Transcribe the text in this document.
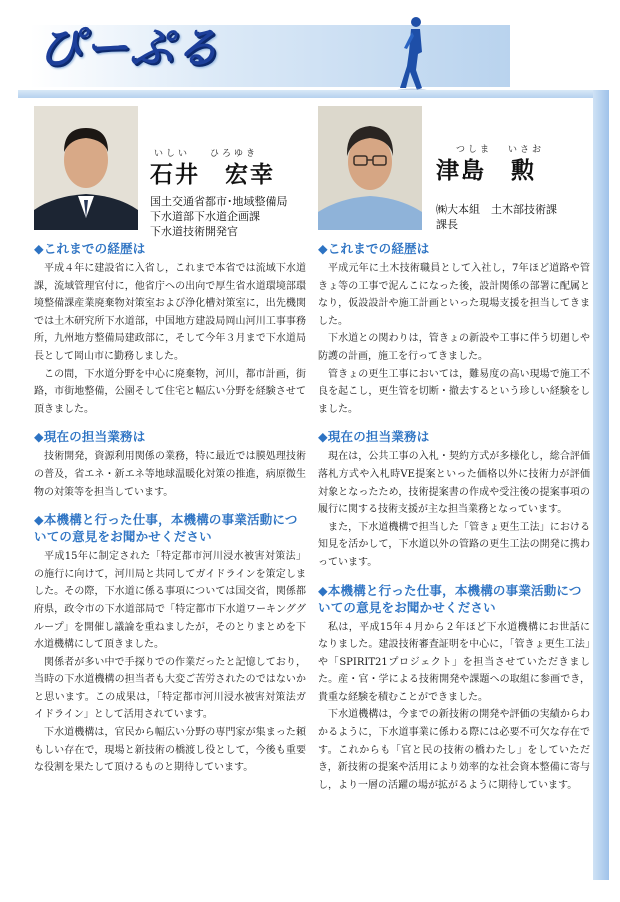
ぴーぷる
いしい ひろゆき
石井　宏幸
国土交通省都市･地域整備局
下水道部下水道企画課
下水道技術開発官
◆これまでの経歴は

平成４年に建設省に入省し，これまで本省では流域下水道課，流域管理官付に，他省庁への出向で厚生省水道環境部環境整備課産業廃棄物対策室および浄化槽対策室に，出先機関では土木研究所下水道部，中国地方建設局岡山河川工事事務所，九州地方整備局建政部に，そして今年３月まで下水道局長として岡山市に勤務しました。

この間，下水道分野を中心に廃棄物，河川，都市計画，街路，市街地整備，公園そして住宅と幅広い分野を経験させて頂きました。

◆現在の担当業務は

技術開発，資源利用関係の業務，特に最近では膜処理技術の普及，省エネ・新エネ等地球温暖化対策の推進，病原微生物の対策等を担当しています。

◆本機構と行った仕事，本機構の事業活動についての意見をお聞かせください

平成15年に制定された「特定都市河川浸水被害対策法」の施行に向けて，河川局と共同してガイドラインを策定しました。その際，下水道に係る事項については国交省，関係都府県，政令市の下水道部局で「特定都市下水道ワーキンググループ」を開催し議論を重ねましたが，そのとりまとめを下水道機構にして頂きました。

関係者が多い中で手探りでの作業だったと記憶しており，当時の下水道機構の担当者も大変ご苦労されたのではないかと思います。この成果は，「特定都市河川浸水被害対策法ガイドライン」として活用されています。

下水道機構は，官民から幅広い分野の専門家が集まった頼もしい存在で，現場と新技術の橋渡し役として，今後も重要な役割を果たして頂けるものと期待しています。

つしま いさお
津島　勲
㈱大本組　土木部技術課
課長
◆これまでの経歴は

平成元年に土木技術職員として入社し，7年ほど道路や管きょ等の工事で泥んこになった後，設計関係の部署に配属となり，仮設設計や施工計画といった現場支援を担当してきました。

下水道との関わりは，管きょの新設や工事に伴う切廻しや防護の計画，施工を行ってきました。

管きょの更生工事においては，難易度の高い現場で施工不良を起こし，更生管を切断・撤去するという珍しい経験をしました。

◆現在の担当業務は

現在は，公共工事の入札・契約方式が多様化し，総合評価落札方式や入札時VE提案といった価格以外に技術力が評価対象となったため，技術提案書の作成や受注後の提案事項の履行に関する技術支援が主な担当業務となっています。

また，下水道機構で担当した「管きょ更生工法」における知見を活かして，下水道以外の管路の更生工法の開発に携わっています。

◆本機構と行った仕事，本機構の事業活動についての意見をお聞かせください

私は，平成15年４月から２年ほど下水道機構にお世話になりました。建設技術審査証明を中心に，「管きょ更生工法」や「SPIRIT21プロジェクト」を担当させていただきました。産・官・学による技術開発や課題への取組に参画でき，貴重な経験を積むことができました。

下水道機構は，今までの新技術の開発や評価の実績からわかるように，下水道事業に係わる際には必要不可欠な存在です。これからも「官と民の技術の橋わたし」をしていただき，新技術の提案や活用により効率的な社会資本整備に寄与し，より一層の活躍の場が拡がるように期待しています。
